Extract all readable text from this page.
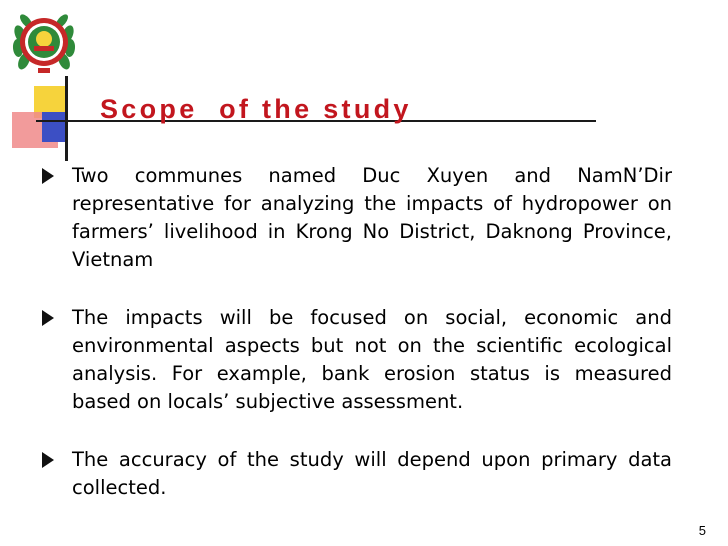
Scope  of the study
Two communes named Duc Xuyen and NamN’Dir representative for analyzing the impacts of hydropower on farmers’ livelihood in Krong No District, Daknong Province, Vietnam
The impacts will be focused on social, economic and environmental aspects but not on the scientific ecological analysis. For example, bank erosion status is measured based on locals’ subjective assessment.
The accuracy of the study will depend upon primary data collected.
5
